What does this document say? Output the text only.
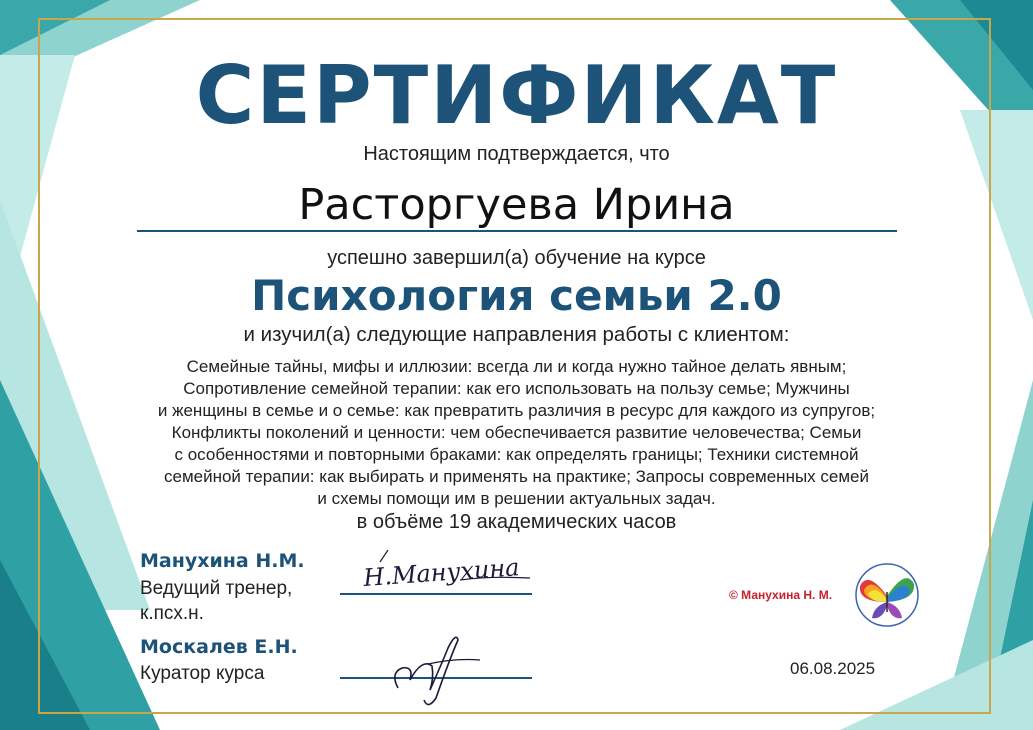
СЕРТИФИКАТ
Настоящим подтверждается, что
Расторгуева Ирина
успешно завершил(а) обучение на курсе
Психология семьи 2.0
и изучил(а) следующие направления работы с клиентом:
Семейные тайны, мифы и иллюзии: всегда ли и когда нужно тайное делать явным;
Сопротивление семейной терапии: как его использовать на пользу семье; Мужчины
и женщины в семье и о семье: как превратить различия в ресурс для каждого из супругов;
Конфликты поколений и ценности: чем обеспечивается развитие человечества; Семьи
с особенностями и повторными браками: как определять границы; Техники системной
семейной терапии: как выбирать и применять на практике; Запросы современных семей
и схемы помощи им в решении актуальных задач.
в объёме 19 академических часов
Манухина Н.М.
Ведущий тренер,
к.псх.н.
Н.Манухина
Москалев Е.Н.
Куратор курса
© Манухина Н. М.
06.08.2025
